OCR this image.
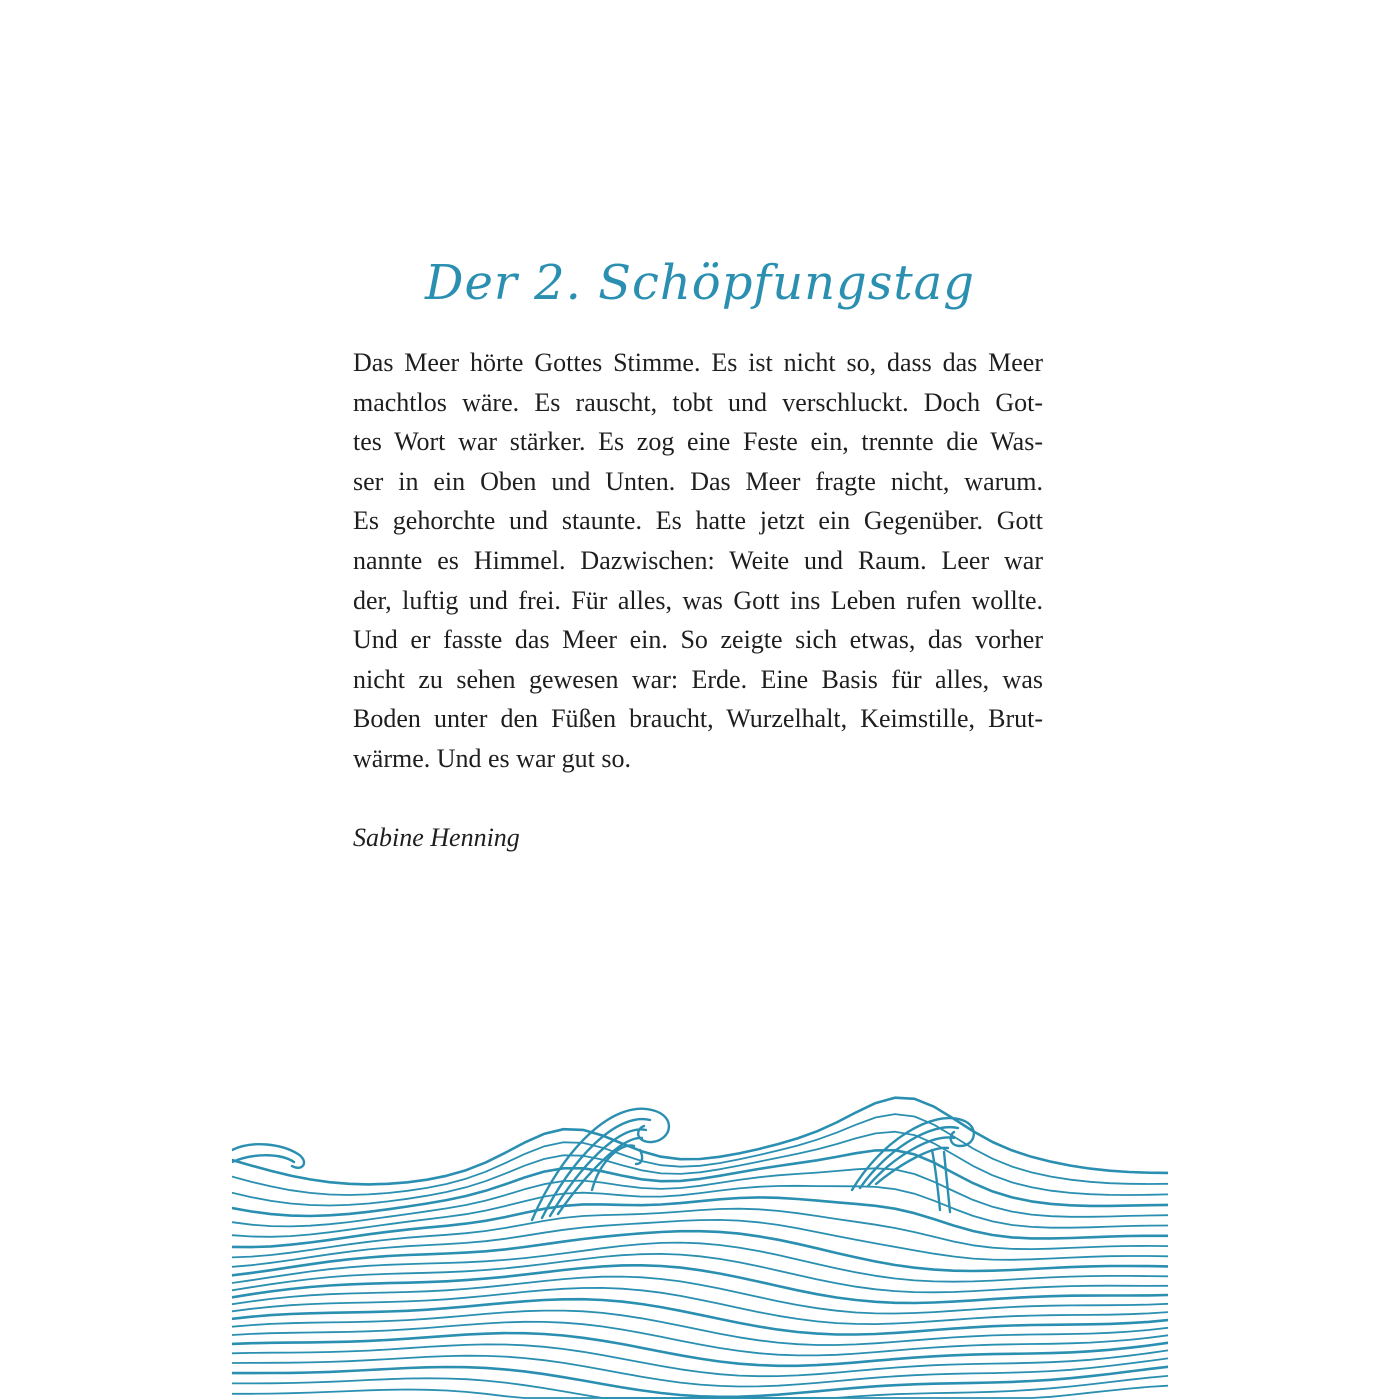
Der 2. Schöpfungstag
Das Meer hörte Gottes Stimme. Es ist nicht so, dass das Meer
machtlos wäre. Es rauscht, tobt und verschluckt. Doch Got-
tes Wort war stärker. Es zog eine Feste ein, trennte die Was-
ser in ein Oben und Unten. Das Meer fragte nicht, warum.
Es gehorchte und staunte. Es hatte jetzt ein Gegenüber. Gott
nannte es Himmel. Dazwischen: Weite und Raum. Leer war
der, luftig und frei. Für alles, was Gott ins Leben rufen wollte.
Und er fasste das Meer ein. So zeigte sich etwas, das vorher
nicht zu sehen gewesen war: Erde. Eine Basis für alles, was
Boden unter den Füßen braucht, Wurzelhalt, Keimstille, Brut-
wärme. Und es war gut so.

Sabine Henning
